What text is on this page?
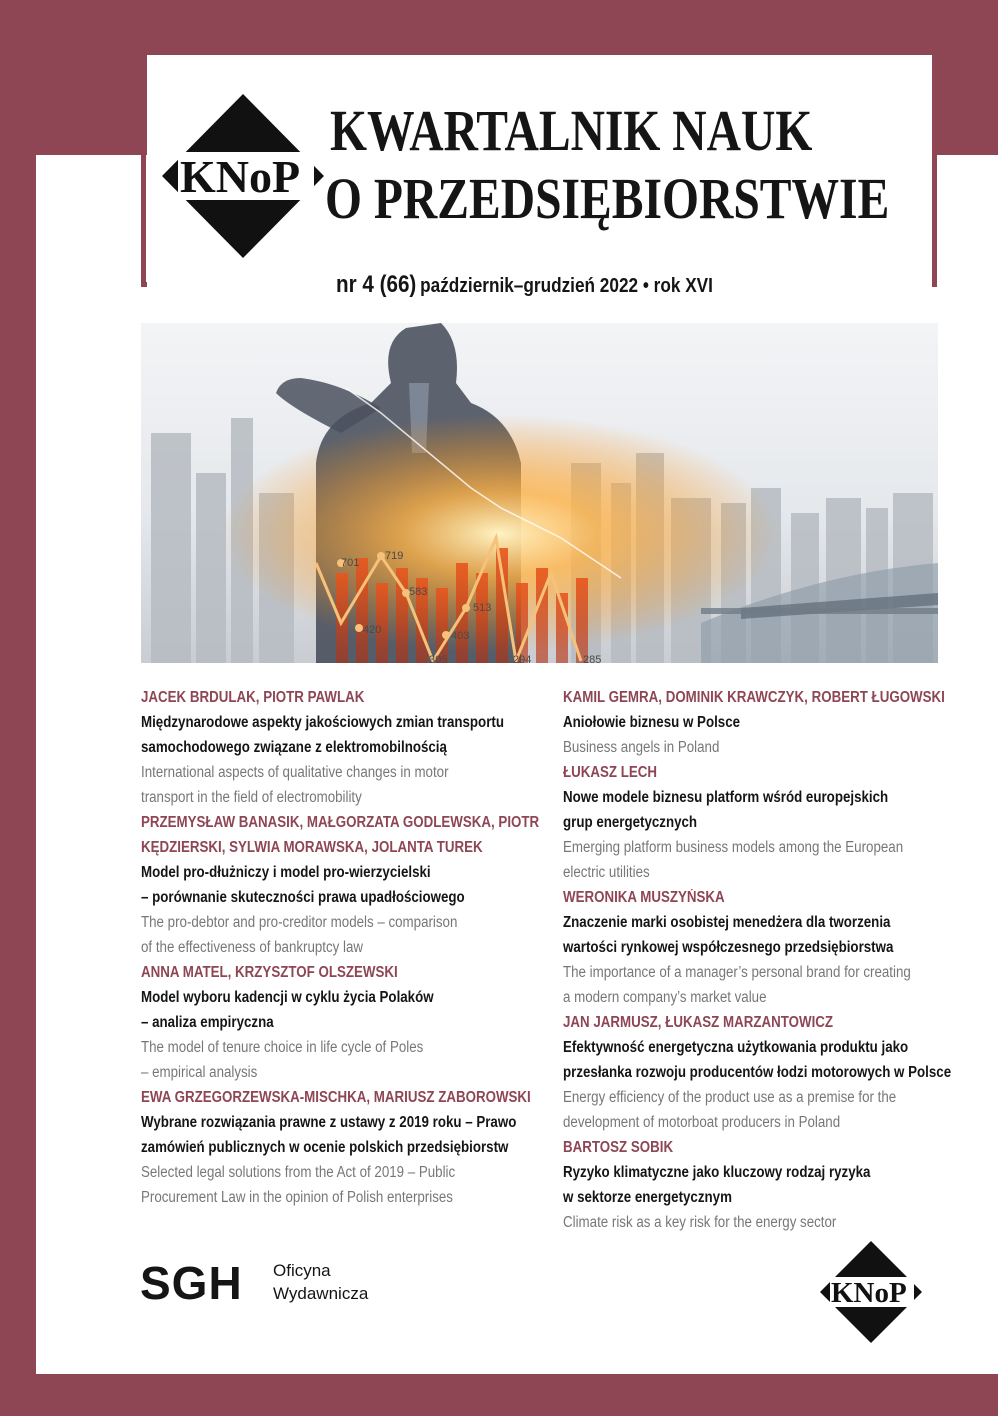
KNoP
KWARTALNIK NAUK
O PRZEDSIĘBIORSTWIE
nr 4 (66) październik–grudzień 2022 • rok XVI
701
719
583
420
513
403
305	294	285
JACEK BRDULAK, PIOTR PAWLAK
Międzynarodowe aspekty jakościowych zmian transportu
samochodowego związane z elektromobilnością
International aspects of qualitative changes in motor
transport in the field of electromobility
PRZEMYSŁAW BANASIK, MAŁGORZATA GODLEWSKA, PIOTR
KĘDZIERSKI, SYLWIA MORAWSKA, JOLANTA TUREK
Model pro-dłużniczy i model pro-wierzycielski
– porównanie skuteczności prawa upadłościowego
The pro-debtor and pro-creditor models – comparison
of the effectiveness of bankruptcy law
ANNA MATEL, KRZYSZTOF OLSZEWSKI
Model wyboru kadencji w cyklu życia Polaków
– analiza empiryczna
The model of tenure choice in life cycle of Poles
– empirical analysis
EWA GRZEGORZEWSKA-MISCHKA, MARIUSZ ZABOROWSKI
Wybrane rozwiązania prawne z ustawy z 2019 roku – Prawo
zamówień publicznych w ocenie polskich przedsiębiorstw
Selected legal solutions from the Act of 2019 – Public
Procurement Law in the opinion of Polish enterprises
KAMIL GEMRA, DOMINIK KRAWCZYK, ROBERT ŁUGOWSKI
Aniołowie biznesu w Polsce
Business angels in Poland
ŁUKASZ LECH
Nowe modele biznesu platform wśród europejskich
grup energetycznych
Emerging platform business models among the European
electric utilities
WERONIKA MUSZYŃSKA
Znaczenie marki osobistej menedżera dla tworzenia
wartości rynkowej współczesnego przedsiębiorstwa
The importance of a manager’s personal brand for creating
a modern company’s market value
JAN JARMUSZ, ŁUKASZ MARZANTOWICZ
Efektywność energetyczna użytkowania produktu jako
przesłanka rozwoju producentów łodzi motorowych w Polsce
Energy efficiency of the product use as a premise for the
development of motorboat producers in Poland
BARTOSZ SOBIK
Ryzyko klimatyczne jako kluczowy rodzaj ryzyka
w sektorze energetycznym
Climate risk as a key risk for the energy sector
SGH Oficyna
Wydawnicza	KNoP
